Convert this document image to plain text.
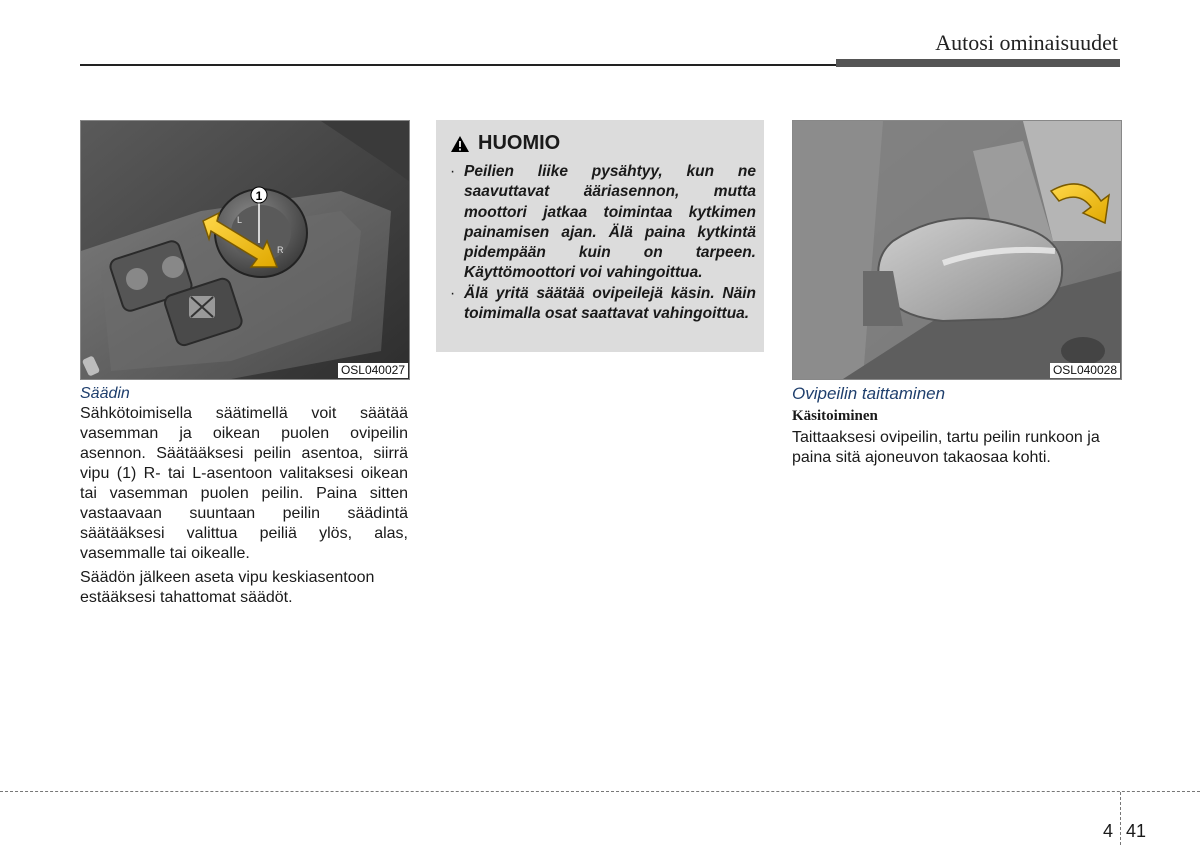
Autosi ominaisuudet
L
R
1
OSL040027

Säädin

Sähkötoimisella säätimellä voit säätää vasemman ja oikean puolen ovipeilin asennon. Säätääksesi peilin asentoa, siirrä vipu (1) R- tai L-asentoon valitaksesi oikean tai vasemman puolen peilin. Paina sitten vastaavaan suuntaan peilin säädintä säätääksesi valittua peiliä ylös, alas, vasemmalle tai oikealle.

Säädön jälkeen aseta vipu keskiasentoon estääksesi tahattomat säädöt.

HUOMIO
· Peilien liike pysähtyy, kun ne saavuttavat ääriasennon, mutta moottori jatkaa toimintaa kytkimen painamisen ajan. Älä paina kytkintä pidempään kuin on tarpeen. Käyttömoottori voi vahingoittua.
· Älä yritä säätää ovipeilejä käsin. Näin toimimalla osat saattavat vahingoittua.
OSL040028

Ovipeilin taittaminen

Käsitoiminen

Taittaaksesi ovipeilin, tartu peilin runkoon ja paina sitä ajoneuvon takaosaa kohti.

4 41
